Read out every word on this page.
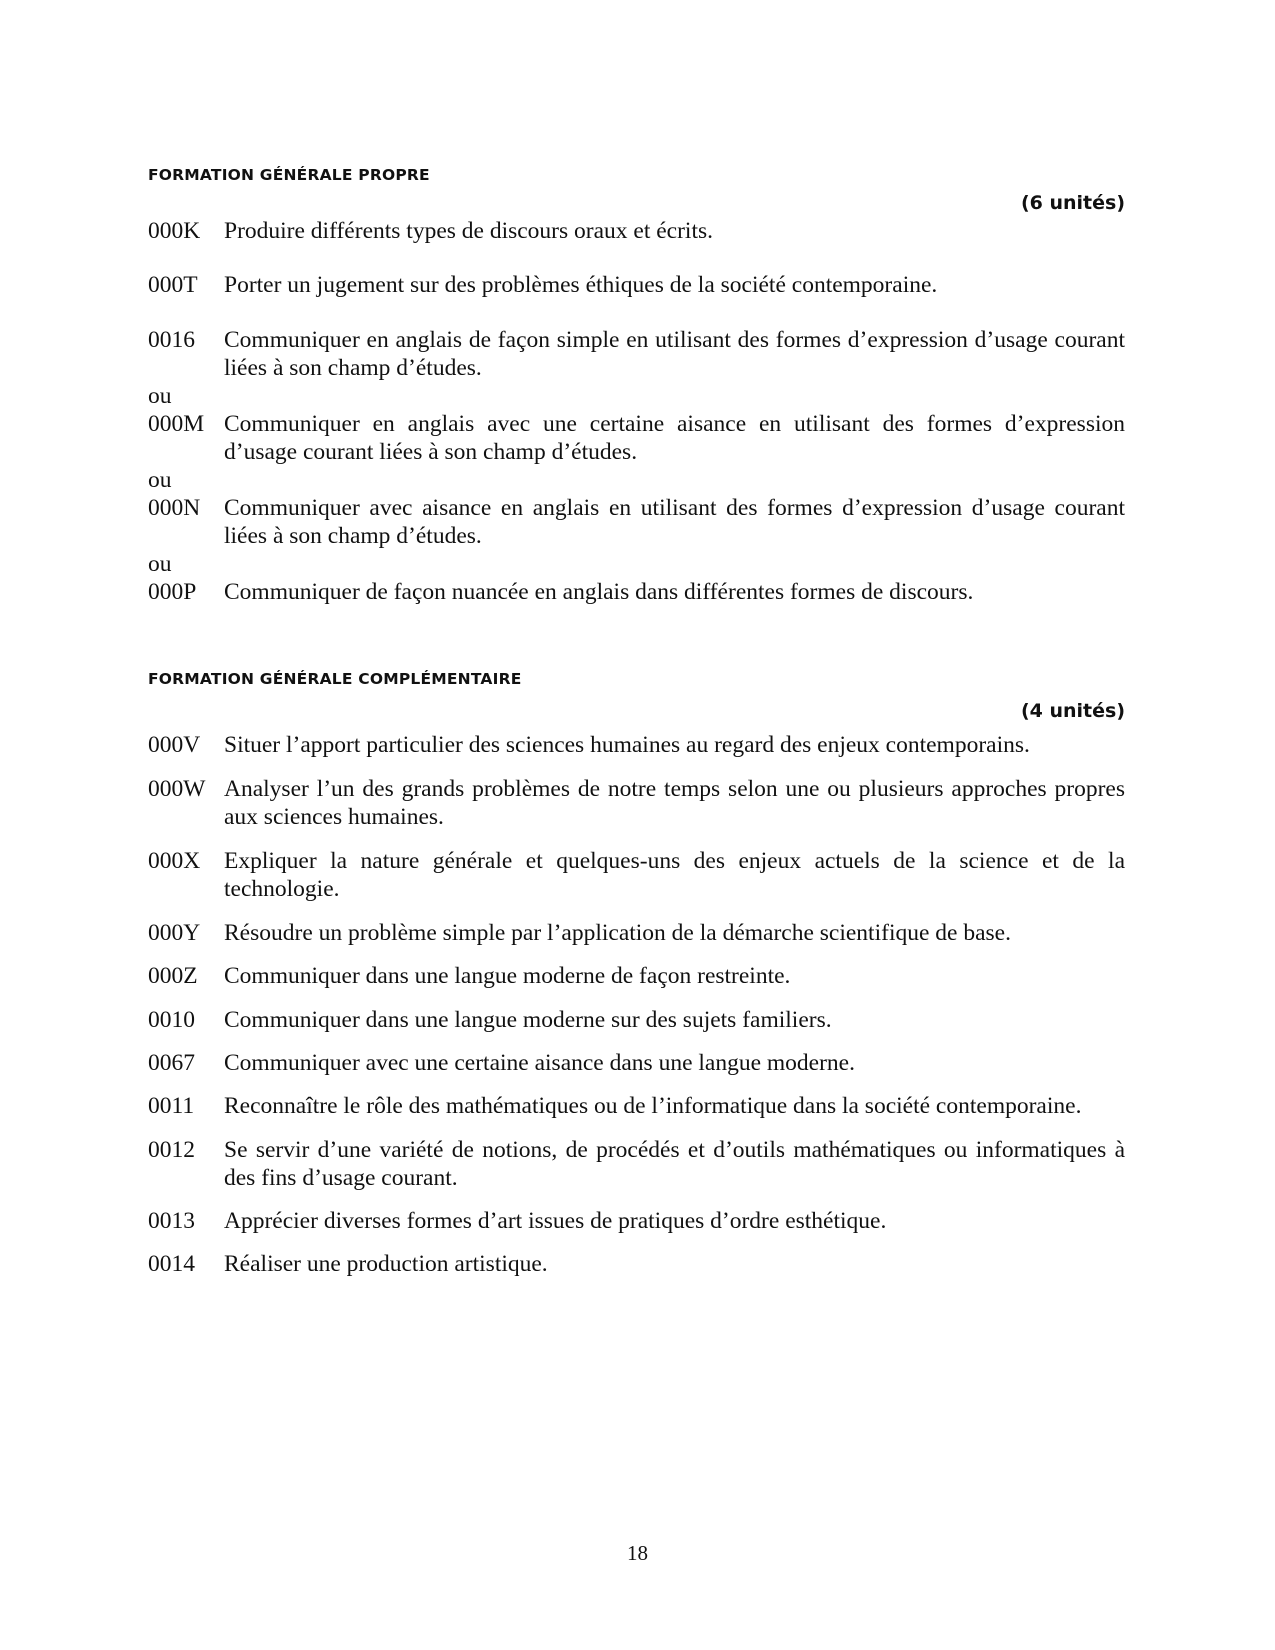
FORMATION GÉNÉRALE PROPRE
(6 unités)
000K	Produire différents types de discours oraux et écrits.
000T	Porter un jugement sur des problèmes éthiques de la société contemporaine.
0016	Communiquer en anglais de façon simple en utilisant des formes d’expression d’usage courant liées à son champ d’études.
ou
000M Communiquer en anglais avec une certaine aisance en utilisant des formes d’expression d’usage courant liées à son champ d’études.
ou
000N	Communiquer avec aisance en anglais en utilisant des formes d’expression d’usage courant liées à son champ d’études.
ou
000P	Communiquer de façon nuancée en anglais dans différentes formes de discours.
FORMATION GÉNÉRALE COMPLÉMENTAIRE
(4 unités)
000V	Situer l’apport particulier des sciences humaines au regard des enjeux contemporains.
000W Analyser l’un des grands problèmes de notre temps selon une ou plusieurs approches propres aux sciences humaines.
000X	Expliquer la nature générale et quelques-uns des enjeux actuels de la science et de la technologie.
000Y	Résoudre un problème simple par l’application de la démarche scientifique de base.
000Z	Communiquer dans une langue moderne de façon restreinte.
0010	Communiquer dans une langue moderne sur des sujets familiers.
0067	Communiquer avec une certaine aisance dans une langue moderne.
0011	Reconnaître le rôle des mathématiques ou de l’informatique dans la société contemporaine.
0012	Se servir d’une variété de notions, de procédés et d’outils mathématiques ou informatiques à des fins d’usage courant.
0013	Apprécier diverses formes d’art issues de pratiques d’ordre esthétique.
0014	Réaliser une production artistique.
18
